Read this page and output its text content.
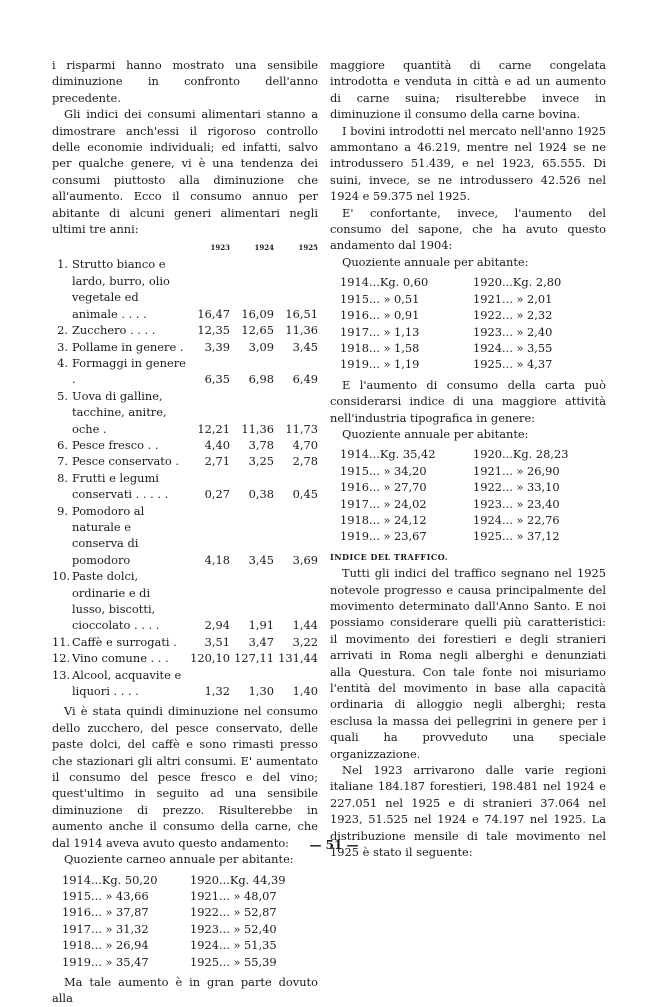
i risparmi hanno mostrato una sensibile diminuzione in confronto dell'anno precedente.

Gli indici dei consumi alimentari stanno a dimostrare anch'essi il rigoroso controllo delle economie individuali; ed infatti, salvo per qualche genere, vi è una tendenza dei consumi piuttosto alla diminuzione che all'aumento. Ecco il consumo annuo per abitante di alcuni generi alimentari negli ultimi tre anni:

1923	1924	1925
1. Strutto bianco e lardo, burro, olio vegetale ed animale . . . .	16,47 16,09 16,51
2. Zucchero . . . .	12,35 12,65 11,36
3. Pollame in genere .	3,39	3,09	3,45
4. Formaggi in genere .	6,35	6,98	6,49
5. Uova di galline, tacchine, anitre, oche .	12,21 11,36 11,73
6. Pesce fresco . .	4,40	3,78	4,70
7. Pesce conservato .	2,71	3,25	2,78
8. Frutti e legumi conservati . . . . .	0,27	0,38	0,45
9. Pomodoro al naturale e conserva di pomodoro	4,18	3,45	3,69
10. Paste dolci, ordinarie e di lusso, biscotti, cioccolato . . . .	2,94	1,91	1,44
11. Caffè e surrogati .	3,51	3,47	3,22
12. Vino comune . . .	120,10 127,11 131,44
13. Alcool, acquavite e liquori . . . .	1,32	1,30	1,40

Vi è stata quindi diminuzione nel consumo dello zucchero, del pesce conservato, delle paste dolci, del caffè e sono rimasti presso che stazionari gli altri consumi. E' aumentato il consumo del pesce fresco e del vino; quest'ultimo in seguito ad una sensibile diminuzione di prezzo. Risulterebbe in aumento anche il consumo della carne, che dal 1914 aveva avuto questo andamento:

Quoziente carneo annuale per abitante:

1914...Kg. 50,20	1920...Kg. 44,39
1915... » 43,66	1921... » 48,07
1916... » 37,87	1922... » 52,87
1917... » 31,32	1923... » 52,40
1918... » 26,94	1924... » 51,35
1919... » 35,47	1925... » 55,39

Ma tale aumento è in gran parte dovuto alla

maggiore quantità di carne congelata introdotta e venduta in città e ad un aumento di carne suina; risulterebbe invece in diminuzione il consumo della carne bovina.

I bovini introdotti nel mercato nell'anno 1925 ammontano a 46.219, mentre nel 1924 se ne introdussero 51.439, e nel 1923, 65.555. Di suini, invece, se ne introdussero 42.526 nel 1924 e 59.375 nel 1925.

E' confortante, invece, l'aumento del consumo del sapone, che ha avuto questo andamento dal 1904:

Quoziente annuale per abitante:

1914...Kg. 0,60	1920...Kg. 2,80
1915... » 0,51	1921... » 2,01
1916... » 0,91	1922... » 2,32
1917... » 1,13	1923... » 2,40
1918... » 1,58	1924... » 3,55
1919... » 1,19	1925... » 4,37

E l'aumento di consumo della carta può considerarsi indice di una maggiore attività nell'industria tipografica in genere:

Quoziente annuale per abitante:

1914...Kg. 35,42	1920...Kg. 28,23
1915... » 34,20	1921... » 26,90
1916... » 27,70	1922... » 33,10
1917... » 24,02	1923... » 23,40
1918... » 24,12	1924... » 22,76
1919... » 23,67	1925... » 37,12

INDICE DEL TRAFFICO.

Tutti gli indici del traffico segnano nel 1925 notevole progresso e causa principalmente del movimento determinato dall'Anno Santo. E noi possiamo considerare quelli più caratteristici: il movimento dei forestieri e degli stranieri arrivati in Roma negli alberghi e denunziati alla Questura. Con tale fonte noi misuriamo l'entità del movimento in base alla capacità ordinaria di alloggio negli alberghi; resta esclusa la massa dei pellegrini in genere per i quali ha provveduto una speciale organizzazione.

Nel 1923 arrivarono dalle varie regioni italiane 184.187 forestieri, 198.481 nel 1924 e 227.051 nel 1925 e di stranieri 37.064 nel 1923, 51.525 nel 1924 e 74.197 nel 1925. La distribuzione mensile di tale movimento nel 1925 è stato il seguente:

— 51 —
